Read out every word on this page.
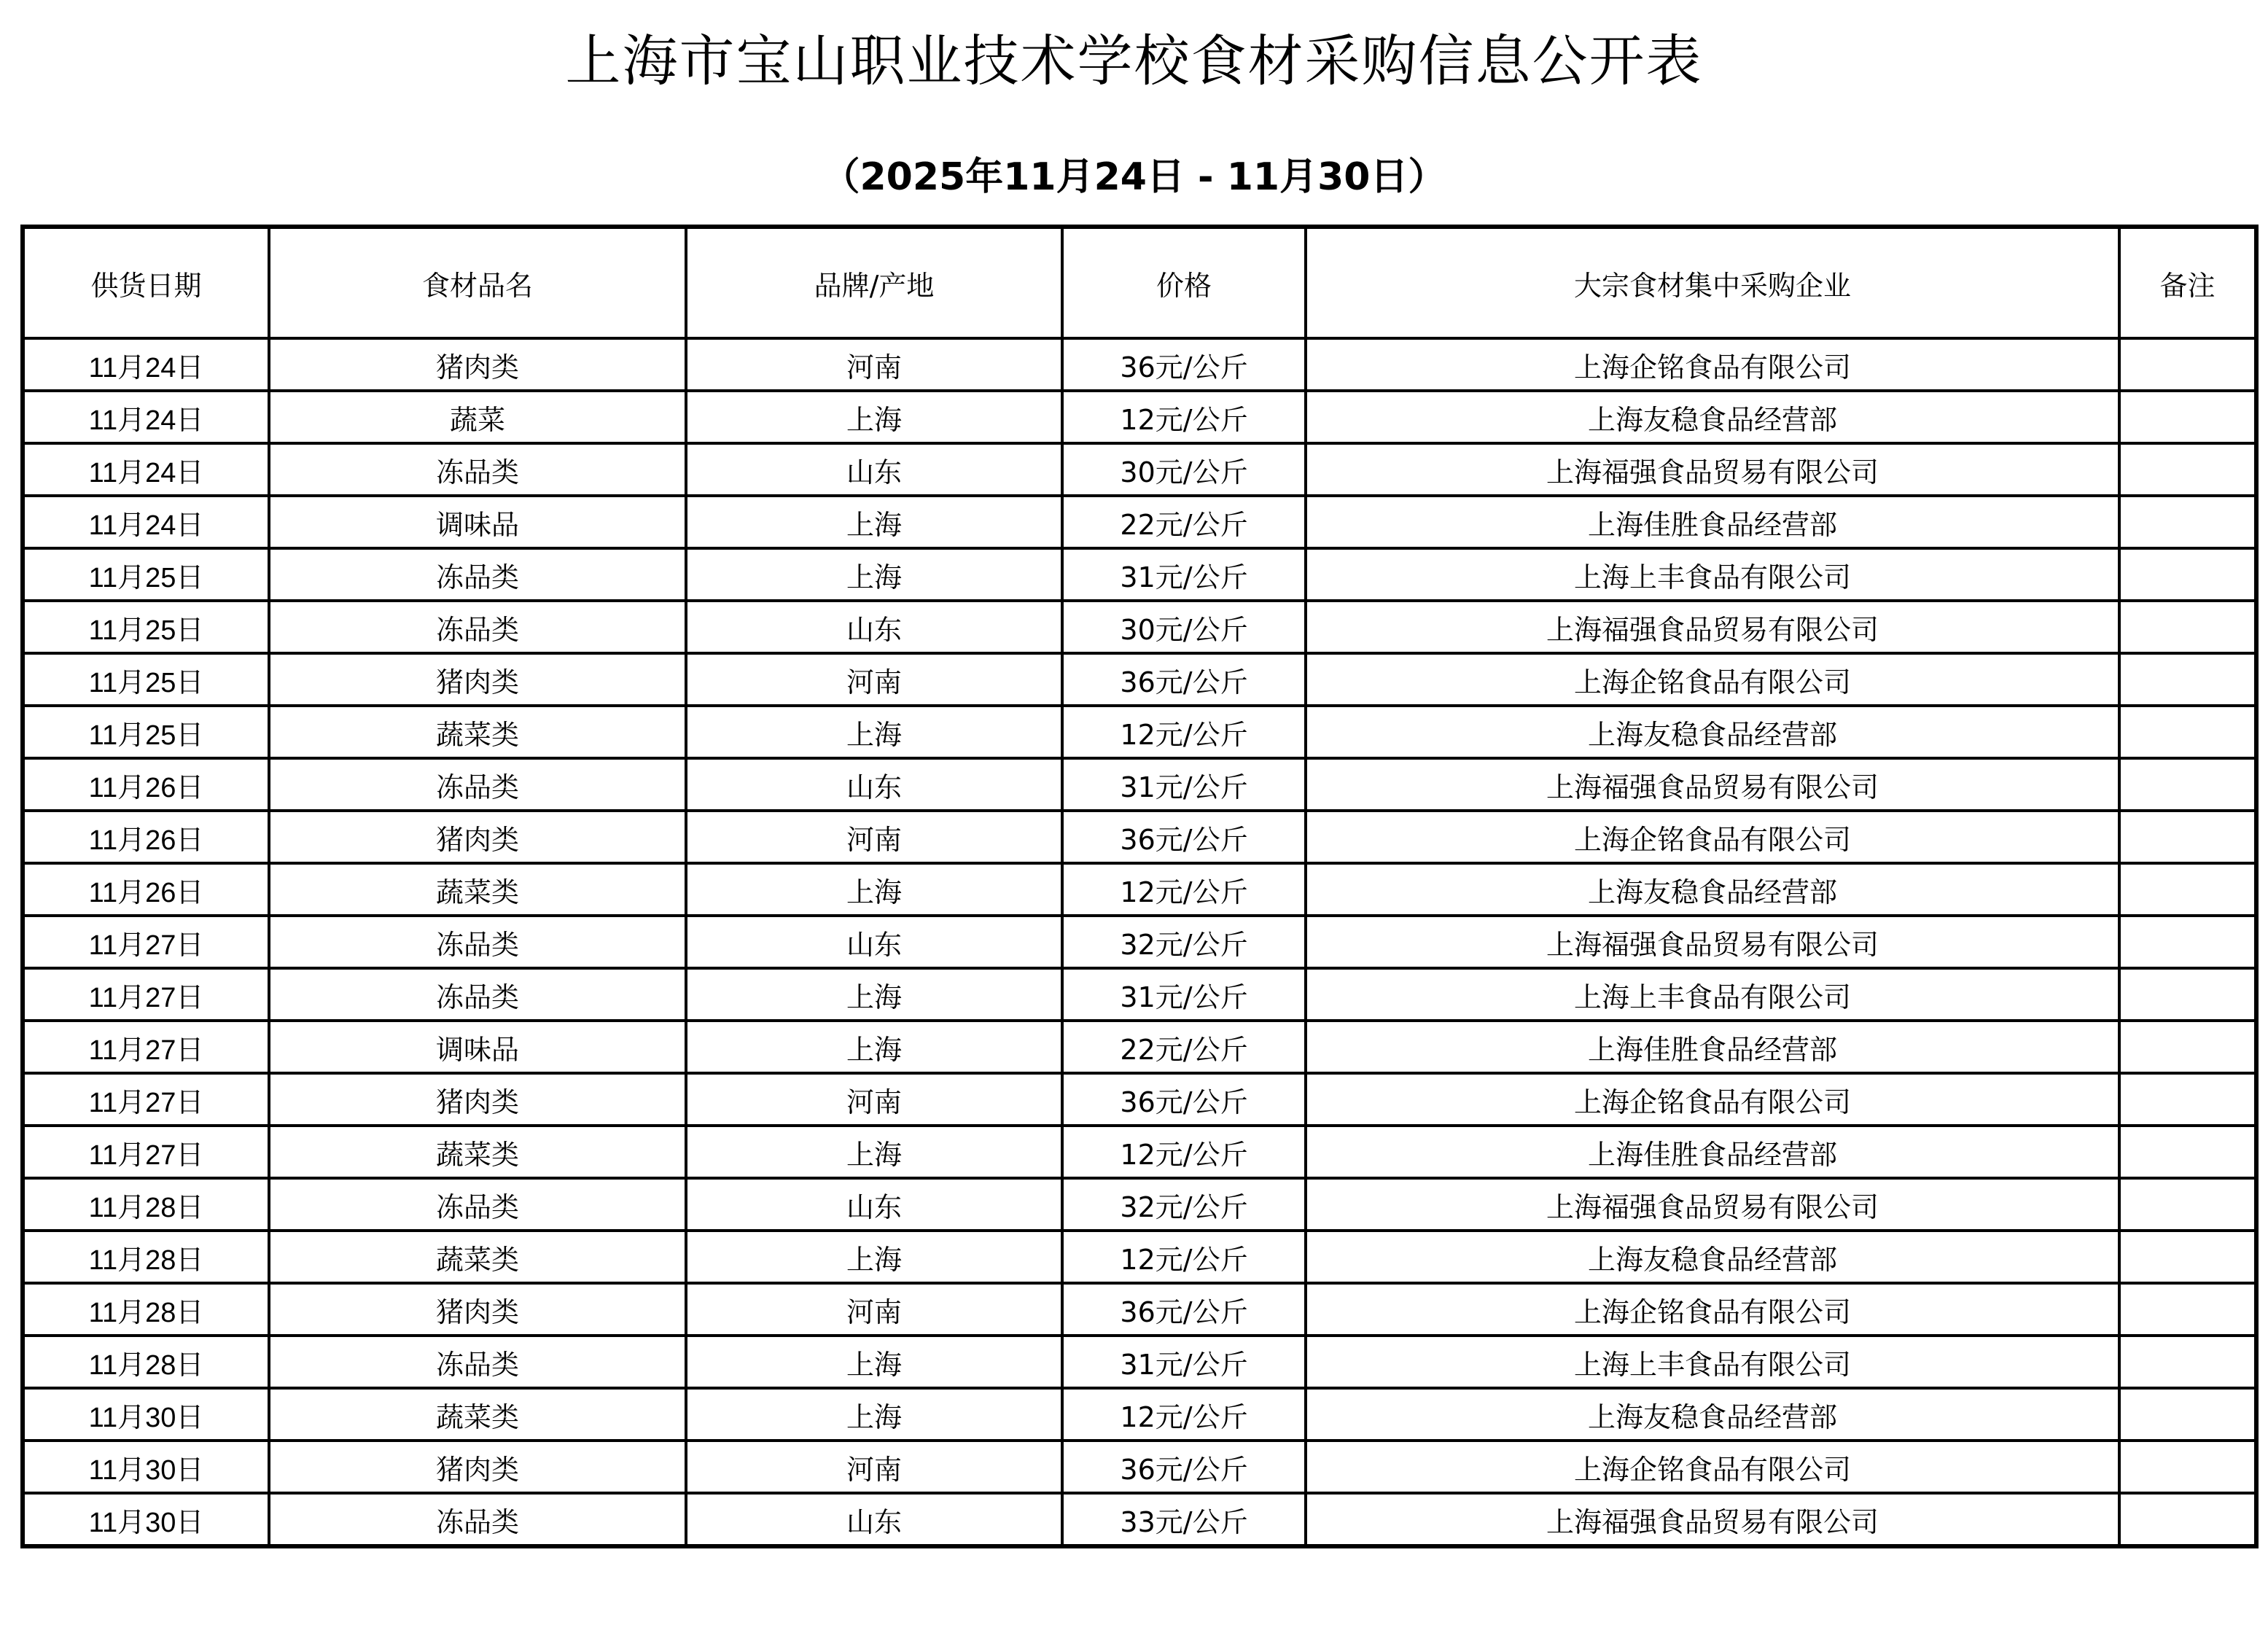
上海市宝山职业技术学校食材采购信息公开表
（2025年11月24日 - 11月30日）
供货日期	食材品名	品牌/产地	价格	大宗食材集中采购企业	备注
11月24日	猪肉类	河南	36元/公斤	上海企铭食品有限公司	
11月24日	蔬菜	上海	12元/公斤	上海友稳食品经营部	
11月24日	冻品类	山东	30元/公斤	上海福强食品贸易有限公司	
11月24日	调味品	上海	22元/公斤	上海佳胜食品经营部	
11月25日	冻品类	上海	31元/公斤	上海上丰食品有限公司	
11月25日	冻品类	山东	30元/公斤	上海福强食品贸易有限公司	
11月25日	猪肉类	河南	36元/公斤	上海企铭食品有限公司	
11月25日	蔬菜类	上海	12元/公斤	上海友稳食品经营部	
11月26日	冻品类	山东	31元/公斤	上海福强食品贸易有限公司	
11月26日	猪肉类	河南	36元/公斤	上海企铭食品有限公司	
11月26日	蔬菜类	上海	12元/公斤	上海友稳食品经营部	
11月27日	冻品类	山东	32元/公斤	上海福强食品贸易有限公司	
11月27日	冻品类	上海	31元/公斤	上海上丰食品有限公司	
11月27日	调味品	上海	22元/公斤	上海佳胜食品经营部	
11月27日	猪肉类	河南	36元/公斤	上海企铭食品有限公司	
11月27日	蔬菜类	上海	12元/公斤	上海佳胜食品经营部	
11月28日	冻品类	山东	32元/公斤	上海福强食品贸易有限公司	
11月28日	蔬菜类	上海	12元/公斤	上海友稳食品经营部	
11月28日	猪肉类	河南	36元/公斤	上海企铭食品有限公司	
11月28日	冻品类	上海	31元/公斤	上海上丰食品有限公司	
11月30日	蔬菜类	上海	12元/公斤	上海友稳食品经营部	
11月30日	猪肉类	河南	36元/公斤	上海企铭食品有限公司	
11月30日	冻品类	山东	33元/公斤	上海福强食品贸易有限公司	
